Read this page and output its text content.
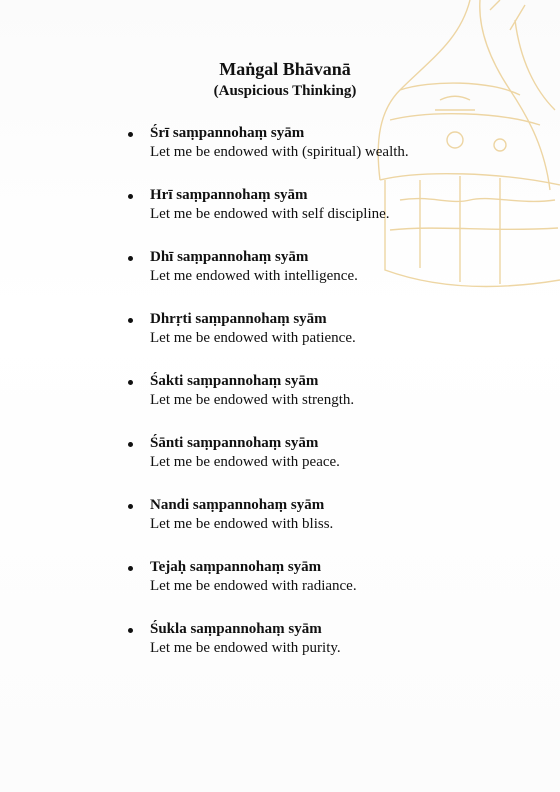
Maṅgal Bhāvanā
(Auspicious Thinking)
Śrī saṃpannohaṃ syām
Let me be endowed with (spiritual) wealth.
Hrī saṃpannohaṃ syām
Let me be endowed with self discipline.
Dhī saṃpannohaṃ syām
Let me endowed with intelligence.
Dhrṛti saṃpannohaṃ syām
Let me be endowed with patience.
Śakti saṃpannohaṃ syām
Let me be endowed with strength.
Śānti saṃpannohaṃ syām
Let me be endowed with peace.
Nandi saṃpannohaṃ syām
Let me be endowed with bliss.
Tejaḥ saṃpannohaṃ syām
Let me be endowed with radiance.
Śukla saṃpannohaṃ syām
Let me be endowed with purity.
